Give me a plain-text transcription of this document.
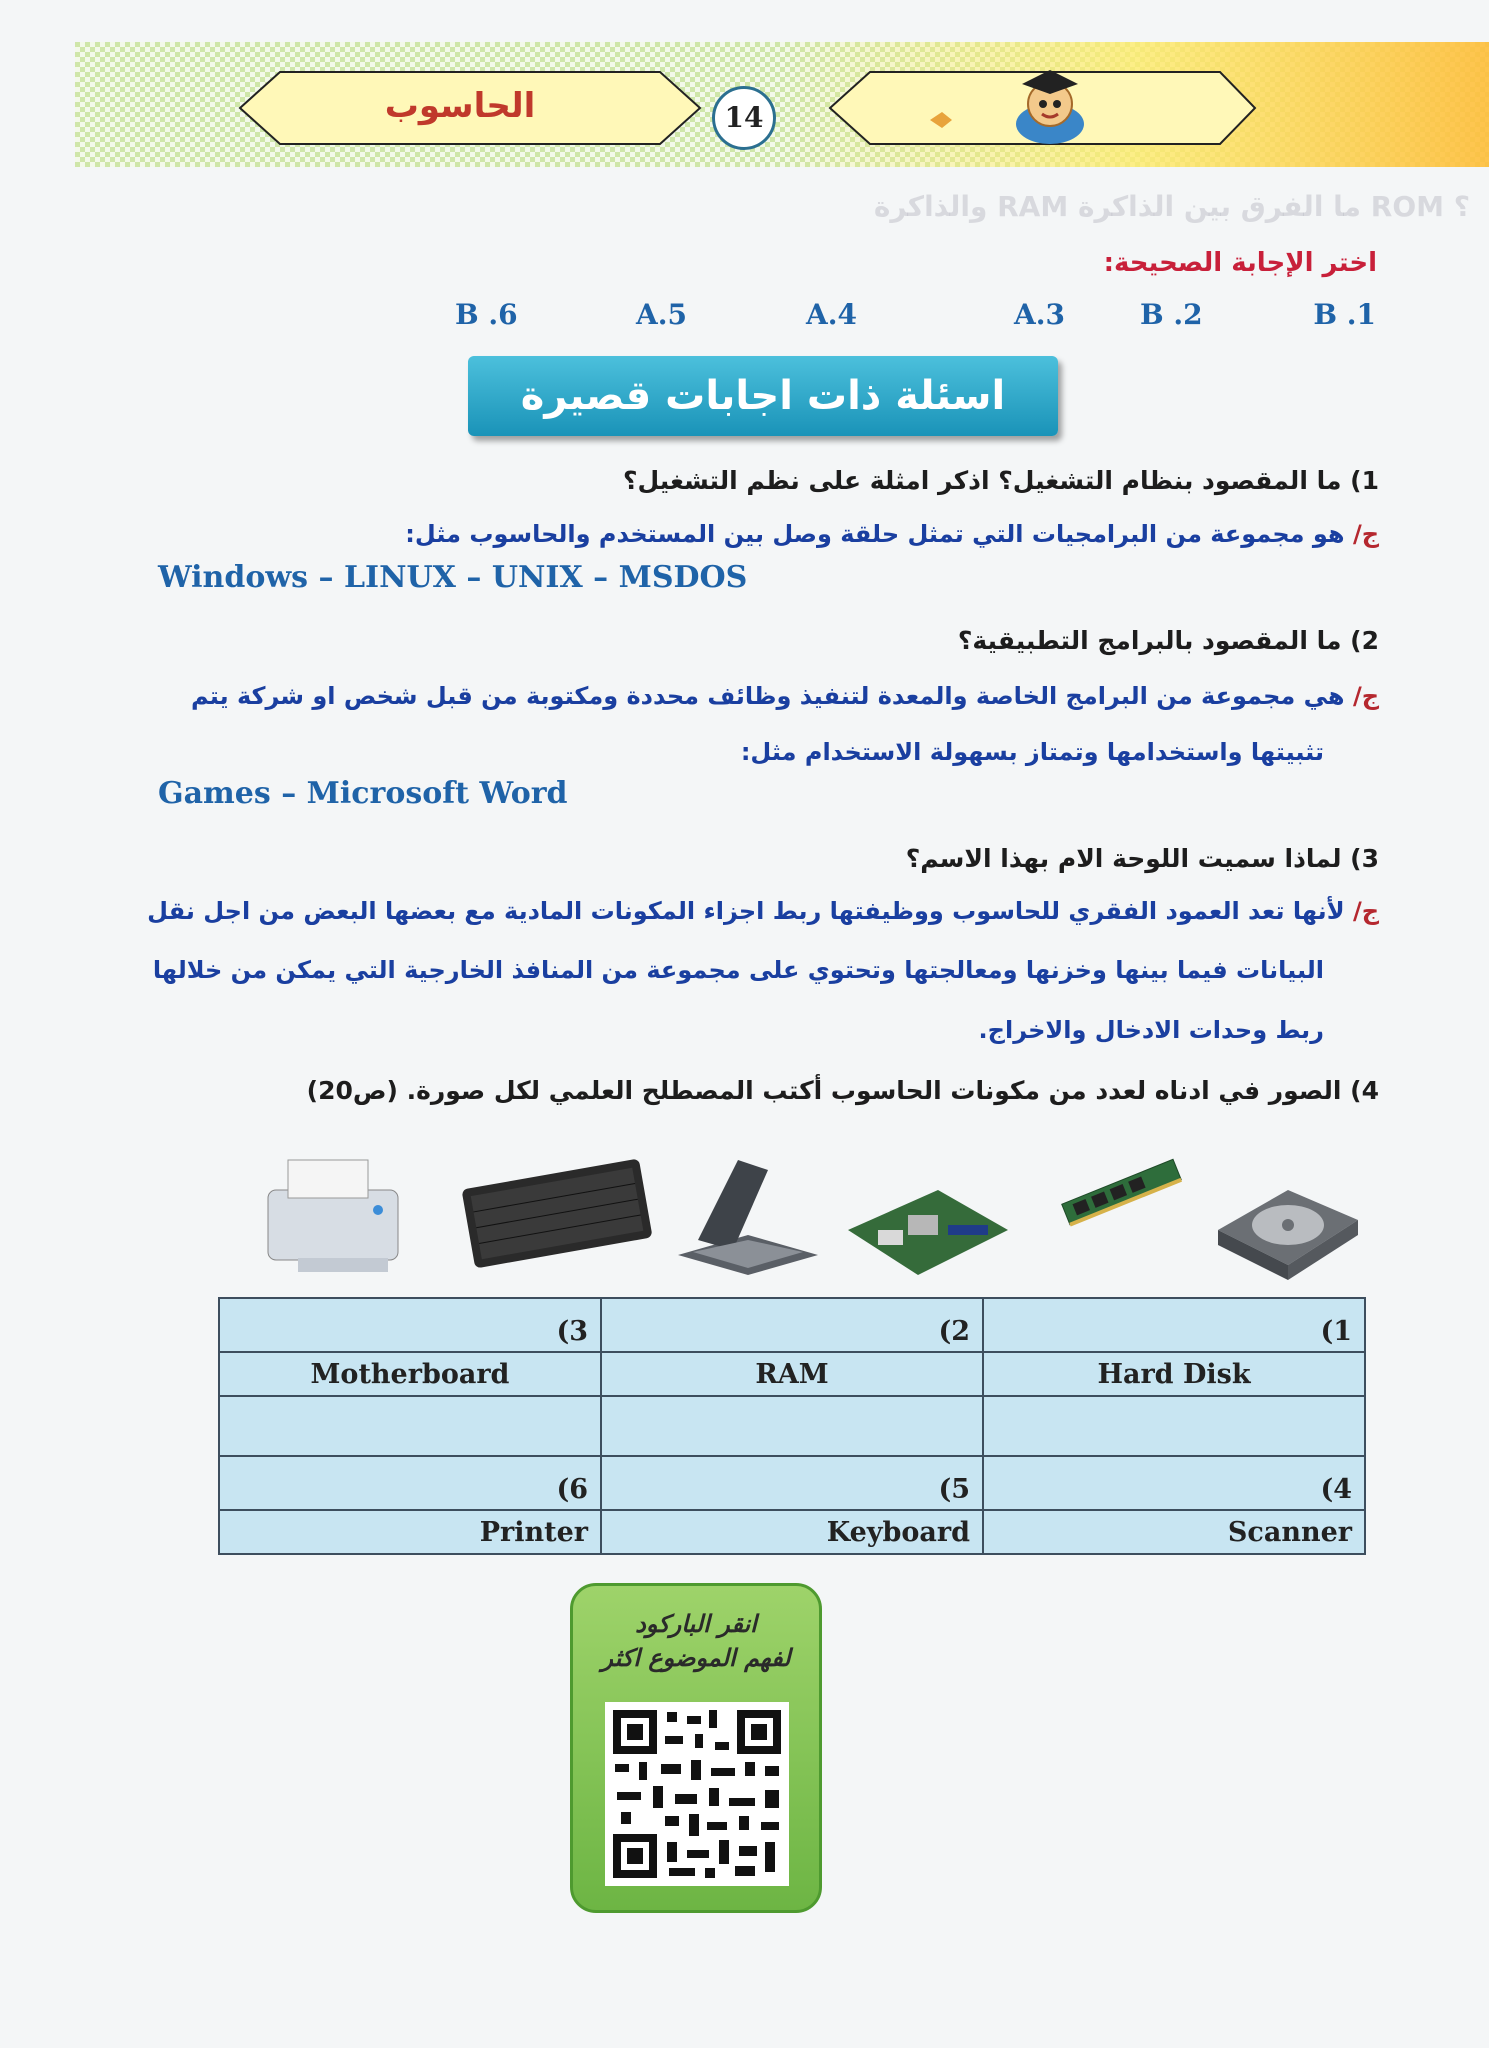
؟ ROM ما الفرق بين الذاكرة RAM والذاكرة
الحاسوب	14
اختر الإجابة الصحيحة:
B .1
B .2
A.3
A.4
A.5
B .6
اسئلة ذات اجابات قصيرة
1) ما المقصود بنظام التشغيل؟ اذكر امثلة على نظم التشغيل؟
ج/ هو مجموعة من البرامجيات التي تمثل حلقة وصل بين المستخدم والحاسوب مثل:
Windows – LINUX – UNIX – MSDOS
2) ما المقصود بالبرامج التطبيقية؟
ج/ هي مجموعة من البرامج الخاصة والمعدة لتنفيذ وظائف محددة ومكتوبة من قبل شخص او شركة يتم
تثبيتها واستخدامها وتمتاز بسهولة الاستخدام مثل:
Games – Microsoft Word
3) لماذا سميت اللوحة الام بهذا الاسم؟
ج/ لأنها تعد العمود الفقري للحاسوب ووظيفتها ربط اجزاء المكونات المادية مع بعضها البعض من اجل نقل
البيانات فيما بينها وخزنها ومعالجتها وتحتوي على مجموعة من المنافذ الخارجية التي يمكن من خلالها
ربط وحدات الادخال والاخراج.
4) الصور في ادناه لعدد من مكونات الحاسوب أكتب المصطلح العلمي لكل صورة. (ص20)
(3	(2	(1
Motherboard	RAM	Hard Disk

(6	(5	(4
Printer	Keyboard	Scanner
انقر الباركود
لفهم الموضوع اكثر
